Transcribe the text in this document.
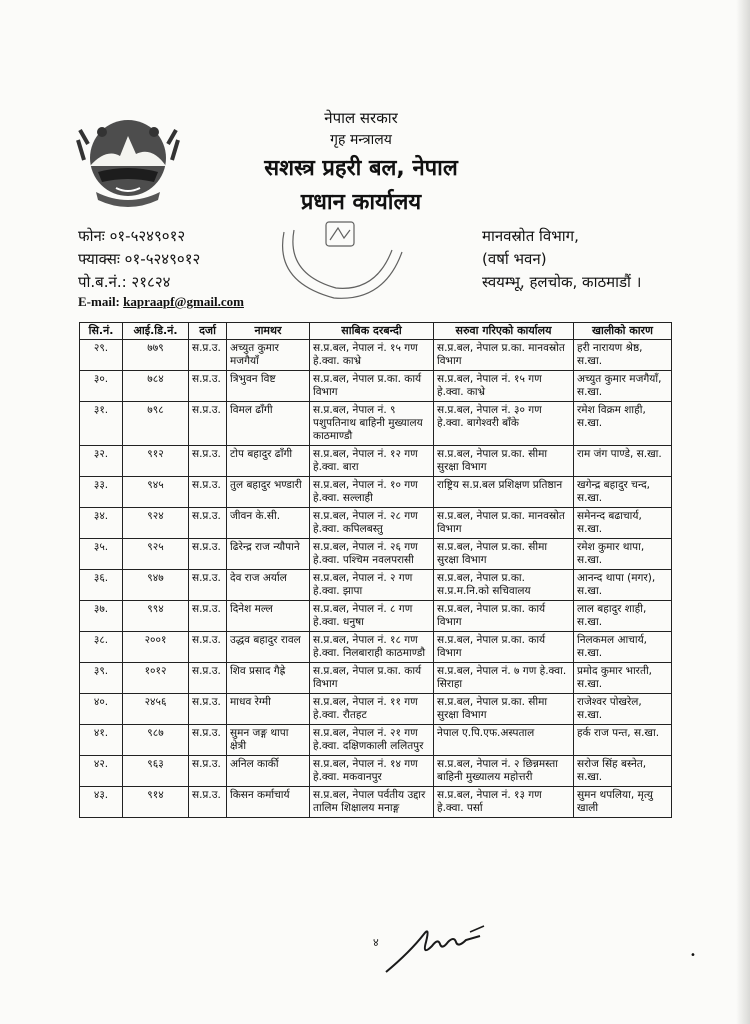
नेपाल सरकार
गृह मन्त्रालय
सशस्त्र प्रहरी बल, नेपाल
प्रधान कार्यालय
फोनः ०१-५२४९०१२
फ्याक्सः ०१-५२४९०१२
पो.ब.नं.: २१८२४
E-mail: kapraapf@gmail.com
मानवस्रोत विभाग,
(वर्षा भवन)
स्वयम्भू, हलचोक, काठमाडौं ।
सि.नं.	आई.डि.नं.	दर्जा	नामथर	साबिक दरबन्दी	सरुवा गरिएको कार्यालय	खालीको कारण
२९.	७७९	स.प्र.उ.	अच्युत कुमार मजगैयाँ	स.प्र.बल, नेपाल नं. १५ गण हे.क्वा. काभ्रे	स.प्र.बल, नेपाल प्र.का. मानवस्रोत विभाग	हरी नारायण श्रेष्ठ, स.खा.
३०.	७८४	स.प्र.उ.	त्रिभुवन विष्ट	स.प्र.बल, नेपाल प्र.का. कार्य विभाग	स.प्र.बल, नेपाल नं. १५ गण हे.क्वा. काभ्रे	अच्युत कुमार मजगैयाँ, स.खा.
३१.	७९८	स.प्र.उ.	विमल ढाँगी	स.प्र.बल, नेपाल नं. ९ पशुपतिनाथ बाहिनी मुख्यालय काठमाण्डौ	स.प्र.बल, नेपाल नं. ३० गण हे.क्वा. बागेश्वरी बाँके	रमेश विक्रम शाही, स.खा.
३२.	९१२	स.प्र.उ.	टोप बहादुर ढाँगी	स.प्र.बल, नेपाल नं. १२ गण हे.क्वा. बारा	स.प्र.बल, नेपाल प्र.का. सीमा सुरक्षा विभाग	राम जंग पाण्डे, स.खा.
३३.	९४५	स.प्र.उ.	तुल बहादुर भण्डारी	स.प्र.बल, नेपाल नं. १० गण हे.क्वा. सल्लाही	राष्ट्रिय स.प्र.बल प्रशिक्षण प्रतिष्ठान	खगेन्द्र बहादुर चन्द, स.खा.
३४.	९२४	स.प्र.उ.	जीवन के.सी.	स.प्र.बल, नेपाल नं. २८ गण हे.क्वा. कपिलबस्तु	स.प्र.बल, नेपाल प्र.का. मानवस्रोत विभाग	समेनन्द बढाचार्य, स.खा.
३५.	९२५	स.प्र.उ.	ढिरेन्द्र राज न्यौपाने	स.प्र.बल, नेपाल नं. २६ गण हे.क्वा. पश्चिम नवलपरासी	स.प्र.बल, नेपाल प्र.का. सीमा सुरक्षा विभाग	रमेश कुमार थापा, स.खा.
३६.	९४७	स.प्र.उ.	देव राज अर्याल	स.प्र.बल, नेपाल नं. २ गण हे.क्वा. झापा	स.प्र.बल, नेपाल प्र.का. स.प्र.म.नि.को सचिवालय	आनन्द थापा (मगर), स.खा.
३७.	९९४	स.प्र.उ.	दिनेश मल्ल	स.प्र.बल, नेपाल नं. ८ गण हे.क्वा. धनुषा	स.प्र.बल, नेपाल प्र.का. कार्य विभाग	लाल बहादुर शाही, स.खा.
३८.	२००१	स.प्र.उ.	उद्धव बहादुर रावल	स.प्र.बल, नेपाल नं. १८ गण हे.क्वा. निलबाराही काठमाण्डौ	स.प्र.बल, नेपाल प्र.का. कार्य विभाग	निलकमल आचार्य, स.खा.
३९.	१०१२	स.प्र.उ.	शिव प्रसाद गैह्रे	स.प्र.बल, नेपाल प्र.का. कार्य विभाग	स.प्र.बल, नेपाल नं. ७ गण हे.क्वा. सिराहा	प्रमोद कुमार भारती, स.खा.
४०.	२४५६	स.प्र.उ.	माधव रेग्मी	स.प्र.बल, नेपाल नं. ११ गण हे.क्वा. रौतहट	स.प्र.बल, नेपाल प्र.का. सीमा सुरक्षा विभाग	राजेश्वर पोखरेल, स.खा.
४१.	९८७	स.प्र.उ.	सुमन जङ्ग थापा क्षेत्री	स.प्र.बल, नेपाल नं. २१ गण हे.क्वा. दक्षिणकाली ललितपुर	नेपाल ए.पि.एफ.अस्पताल	हर्क राज पन्त, स.खा.
४२.	९६३	स.प्र.उ.	अनिल कार्की	स.प्र.बल, नेपाल नं. १४ गण हे.क्वा. मकवानपुर	स.प्र.बल, नेपाल नं. २ छिन्नमस्ता बाहिनी मुख्यालय महोत्तरी	सरोज सिंह बस्नेत, स.खा.
४३.	९१४	स.प्र.उ.	किसन कर्माचार्य	स.प्र.बल, नेपाल पर्वतीय उद्दार तालिम शिक्षालय मनाङ्ग	स.प्र.बल, नेपाल नं. १३ गण हे.क्वा. पर्सा	सुमन थपलिया, मृत्यु खाली
४
•
